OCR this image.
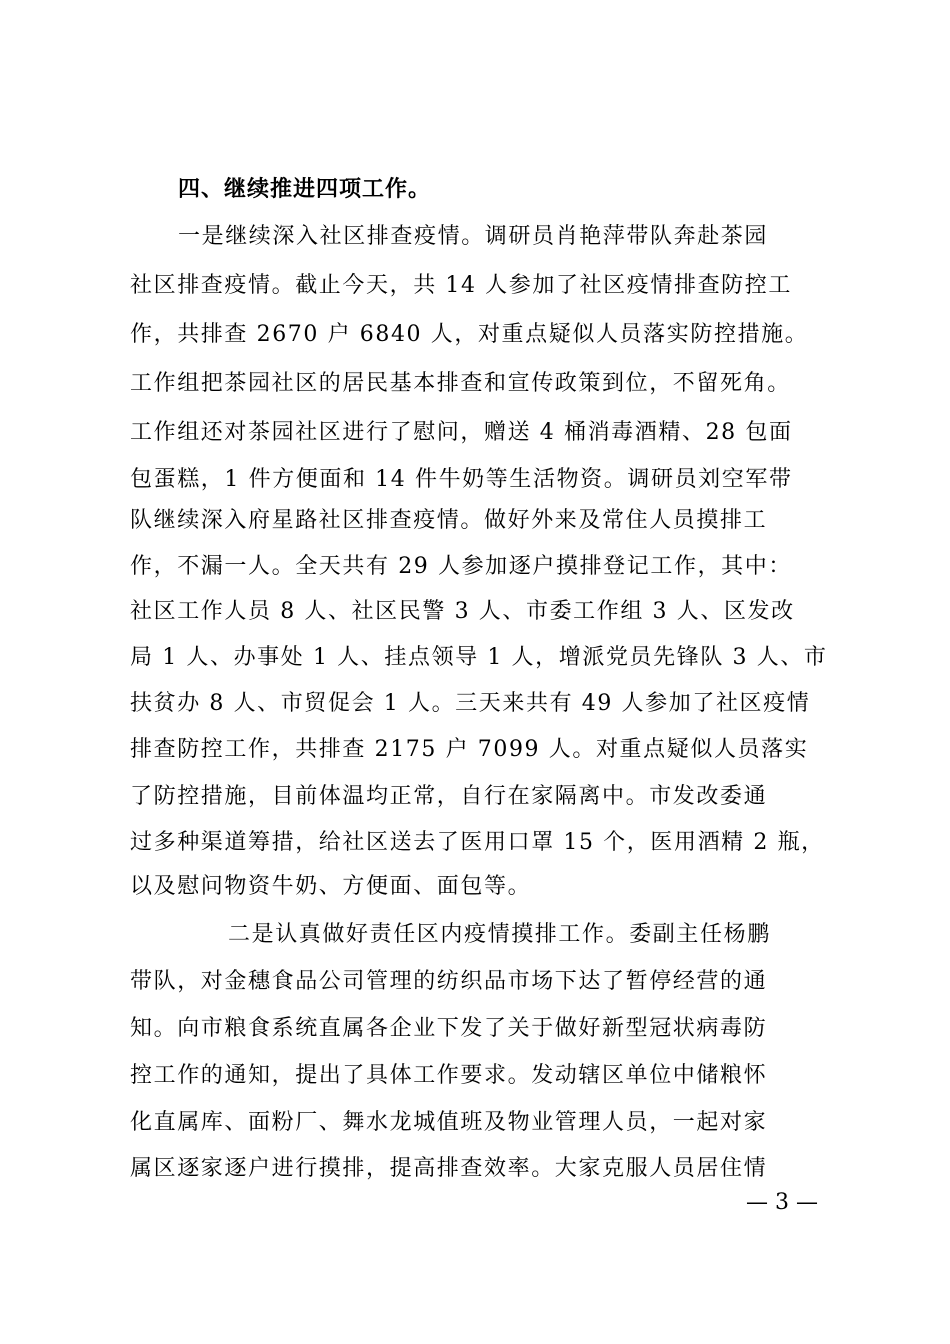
四、继续推进四项工作。
一是继续深入社区排查疫情。调研员肖艳萍带队奔赴茶园
社区排查疫情。截止今天，共 14 人参加了社区疫情排查防控工
作，共排查 2670 户 6840 人，对重点疑似人员落实防控措施。
工作组把茶园社区的居民基本排查和宣传政策到位，不留死角。
工作组还对茶园社区进行了慰问，赠送 4 桶消毒酒精、28 包面
包蛋糕，1 件方便面和 14 件牛奶等生活物资。调研员刘空军带
队继续深入府星路社区排查疫情。做好外来及常住人员摸排工
作，不漏一人。全天共有 29 人参加逐户摸排登记工作，其中：
社区工作人员 8 人、社区民警 3 人、市委工作组 3 人、区发改
局 1 人、办事处 1 人、挂点领导 1 人，增派党员先锋队 3 人、市
扶贫办 8 人、市贸促会 1 人。三天来共有 49 人参加了社区疫情
排查防控工作，共排查 2175 户 7099 人。对重点疑似人员落实
了防控措施，目前体温均正常，自行在家隔离中。市发改委通
过多种渠道筹措，给社区送去了医用口罩 15 个，医用酒精 2 瓶，
以及慰问物资牛奶、方便面、面包等。
二是认真做好责任区内疫情摸排工作。委副主任杨鹏
带队，对金穗食品公司管理的纺织品市场下达了暂停经营的通
知。向市粮食系统直属各企业下发了关于做好新型冠状病毒防
控工作的通知，提出了具体工作要求。发动辖区单位中储粮怀
化直属库、面粉厂、舞水龙城值班及物业管理人员，一起对家
属区逐家逐户进行摸排，提高排查效率。大家克服人员居住情
— 3 —
